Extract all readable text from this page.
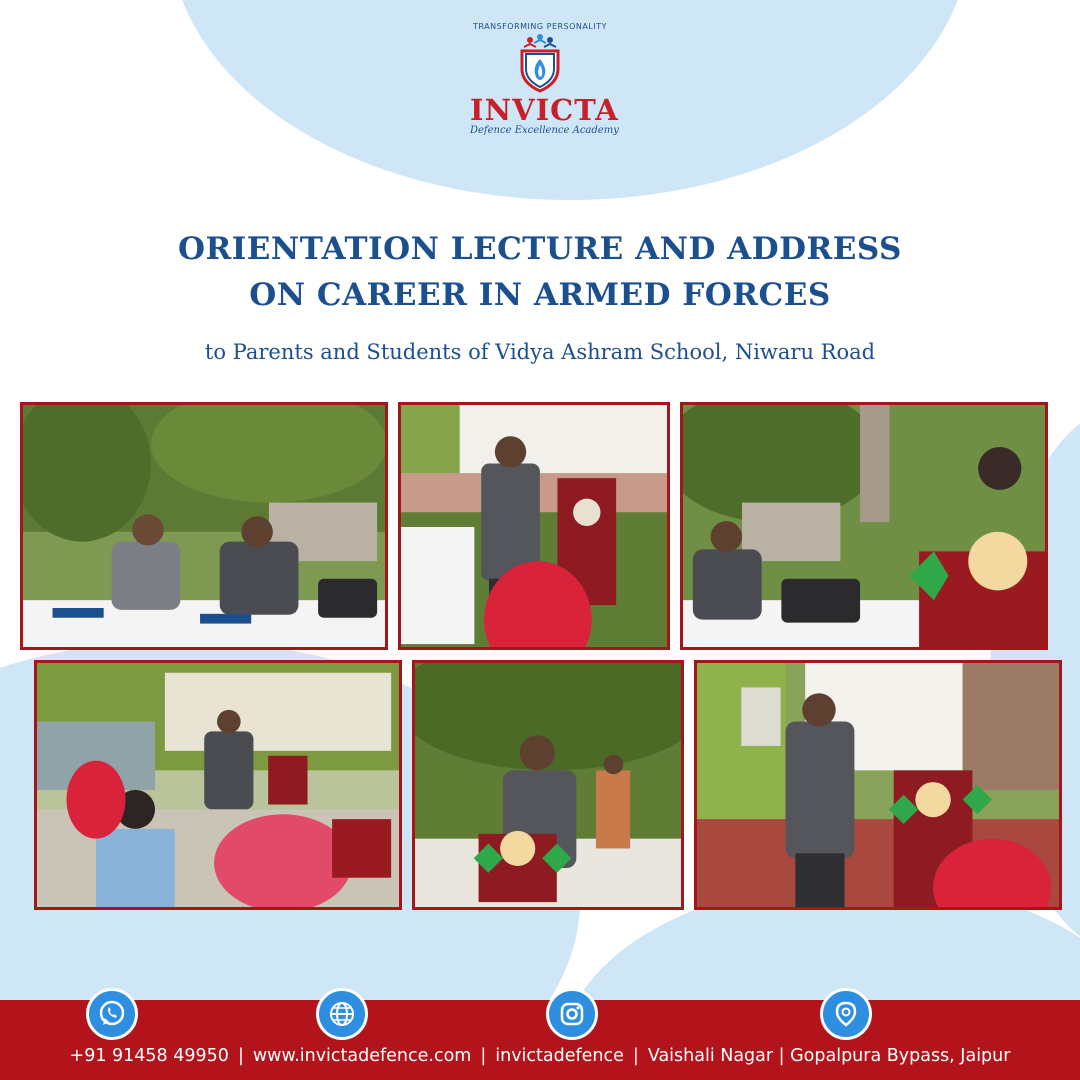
TRANSFORMING PERSONALITY
INVICTA
Defence Excellence Academy
ORIENTATION LECTURE AND ADDRESS
ON CAREER IN ARMED FORCES
to Parents and Students of Vidya Ashram School, Niwaru Road
+91 91458 49950 | www.invictadefence.com | invictadefence | Vaishali Nagar | Gopalpura Bypass, Jaipur
